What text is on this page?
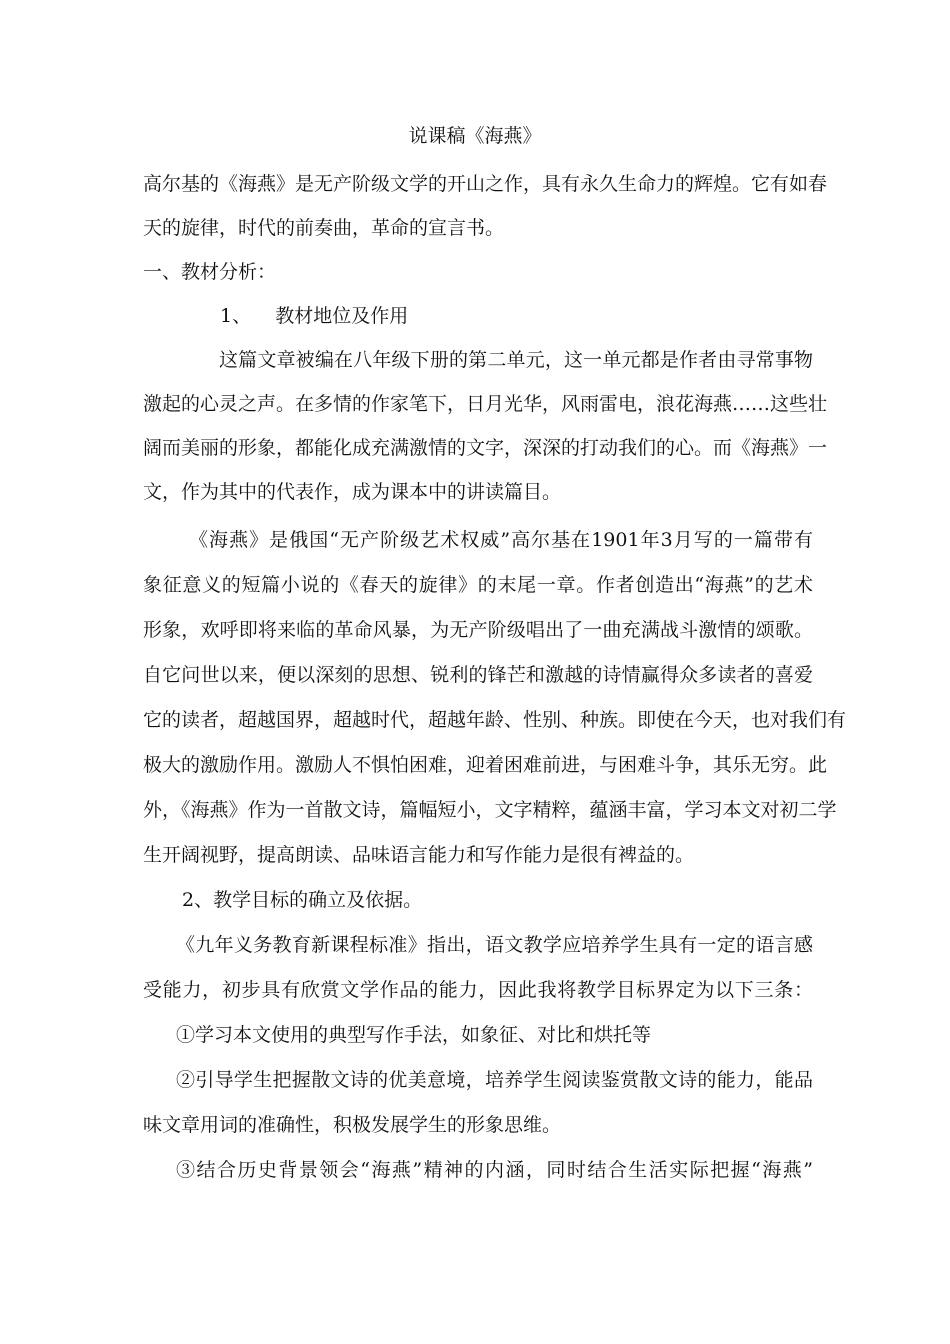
说课稿《海燕》
高尔基的《海燕》是无产阶级文学的开山之作，具有永久生命力的辉煌。它有如春
天的旋律，时代的前奏曲，革命的宣言书。
一、教材分析：
1、    教材地位及作用
这篇文章被编在八年级下册的第二单元，这一单元都是作者由寻常事物
激起的心灵之声。在多情的作家笔下，日月光华，风雨雷电，浪花海燕……这些壮
阔而美丽的形象，都能化成充满激情的文字，深深的打动我们的心。而《海燕》一
文，作为其中的代表作，成为课本中的讲读篇目。
《海燕》是俄国“无产阶级艺术权威”高尔基在1901年3月写的一篇带有
象征意义的短篇小说的《春天的旋律》的末尾一章。作者创造出“海燕”的艺术
形象，欢呼即将来临的革命风暴，为无产阶级唱出了一曲充满战斗激情的颂歌。
自它问世以来，便以深刻的思想、锐利的锋芒和激越的诗情赢得众多读者的喜爱
它的读者，超越国界，超越时代，超越年龄、性别、种族。即使在今天，也对我们有
极大的激励作用。激励人不惧怕困难，迎着困难前进，与困难斗争，其乐无穷。此
外，《海燕》作为一首散文诗，篇幅短小，文字精粹，蕴涵丰富，学习本文对初二学
生开阔视野，提高朗读、品味语言能力和写作能力是很有裨益的。
2、教学目标的确立及依据。
《九年义务教育新课程标准》指出，语文教学应培养学生具有一定的语言感
受能力，初步具有欣赏文学作品的能力，因此我将教学目标界定为以下三条：
①学习本文使用的典型写作手法，如象征、对比和烘托等
②引导学生把握散文诗的优美意境，培养学生阅读鉴赏散文诗的能力，能品
味文章用词的准确性，积极发展学生的形象思维。
③结合历史背景领会“海燕”精神的内涵，同时结合生活实际把握“海燕”
